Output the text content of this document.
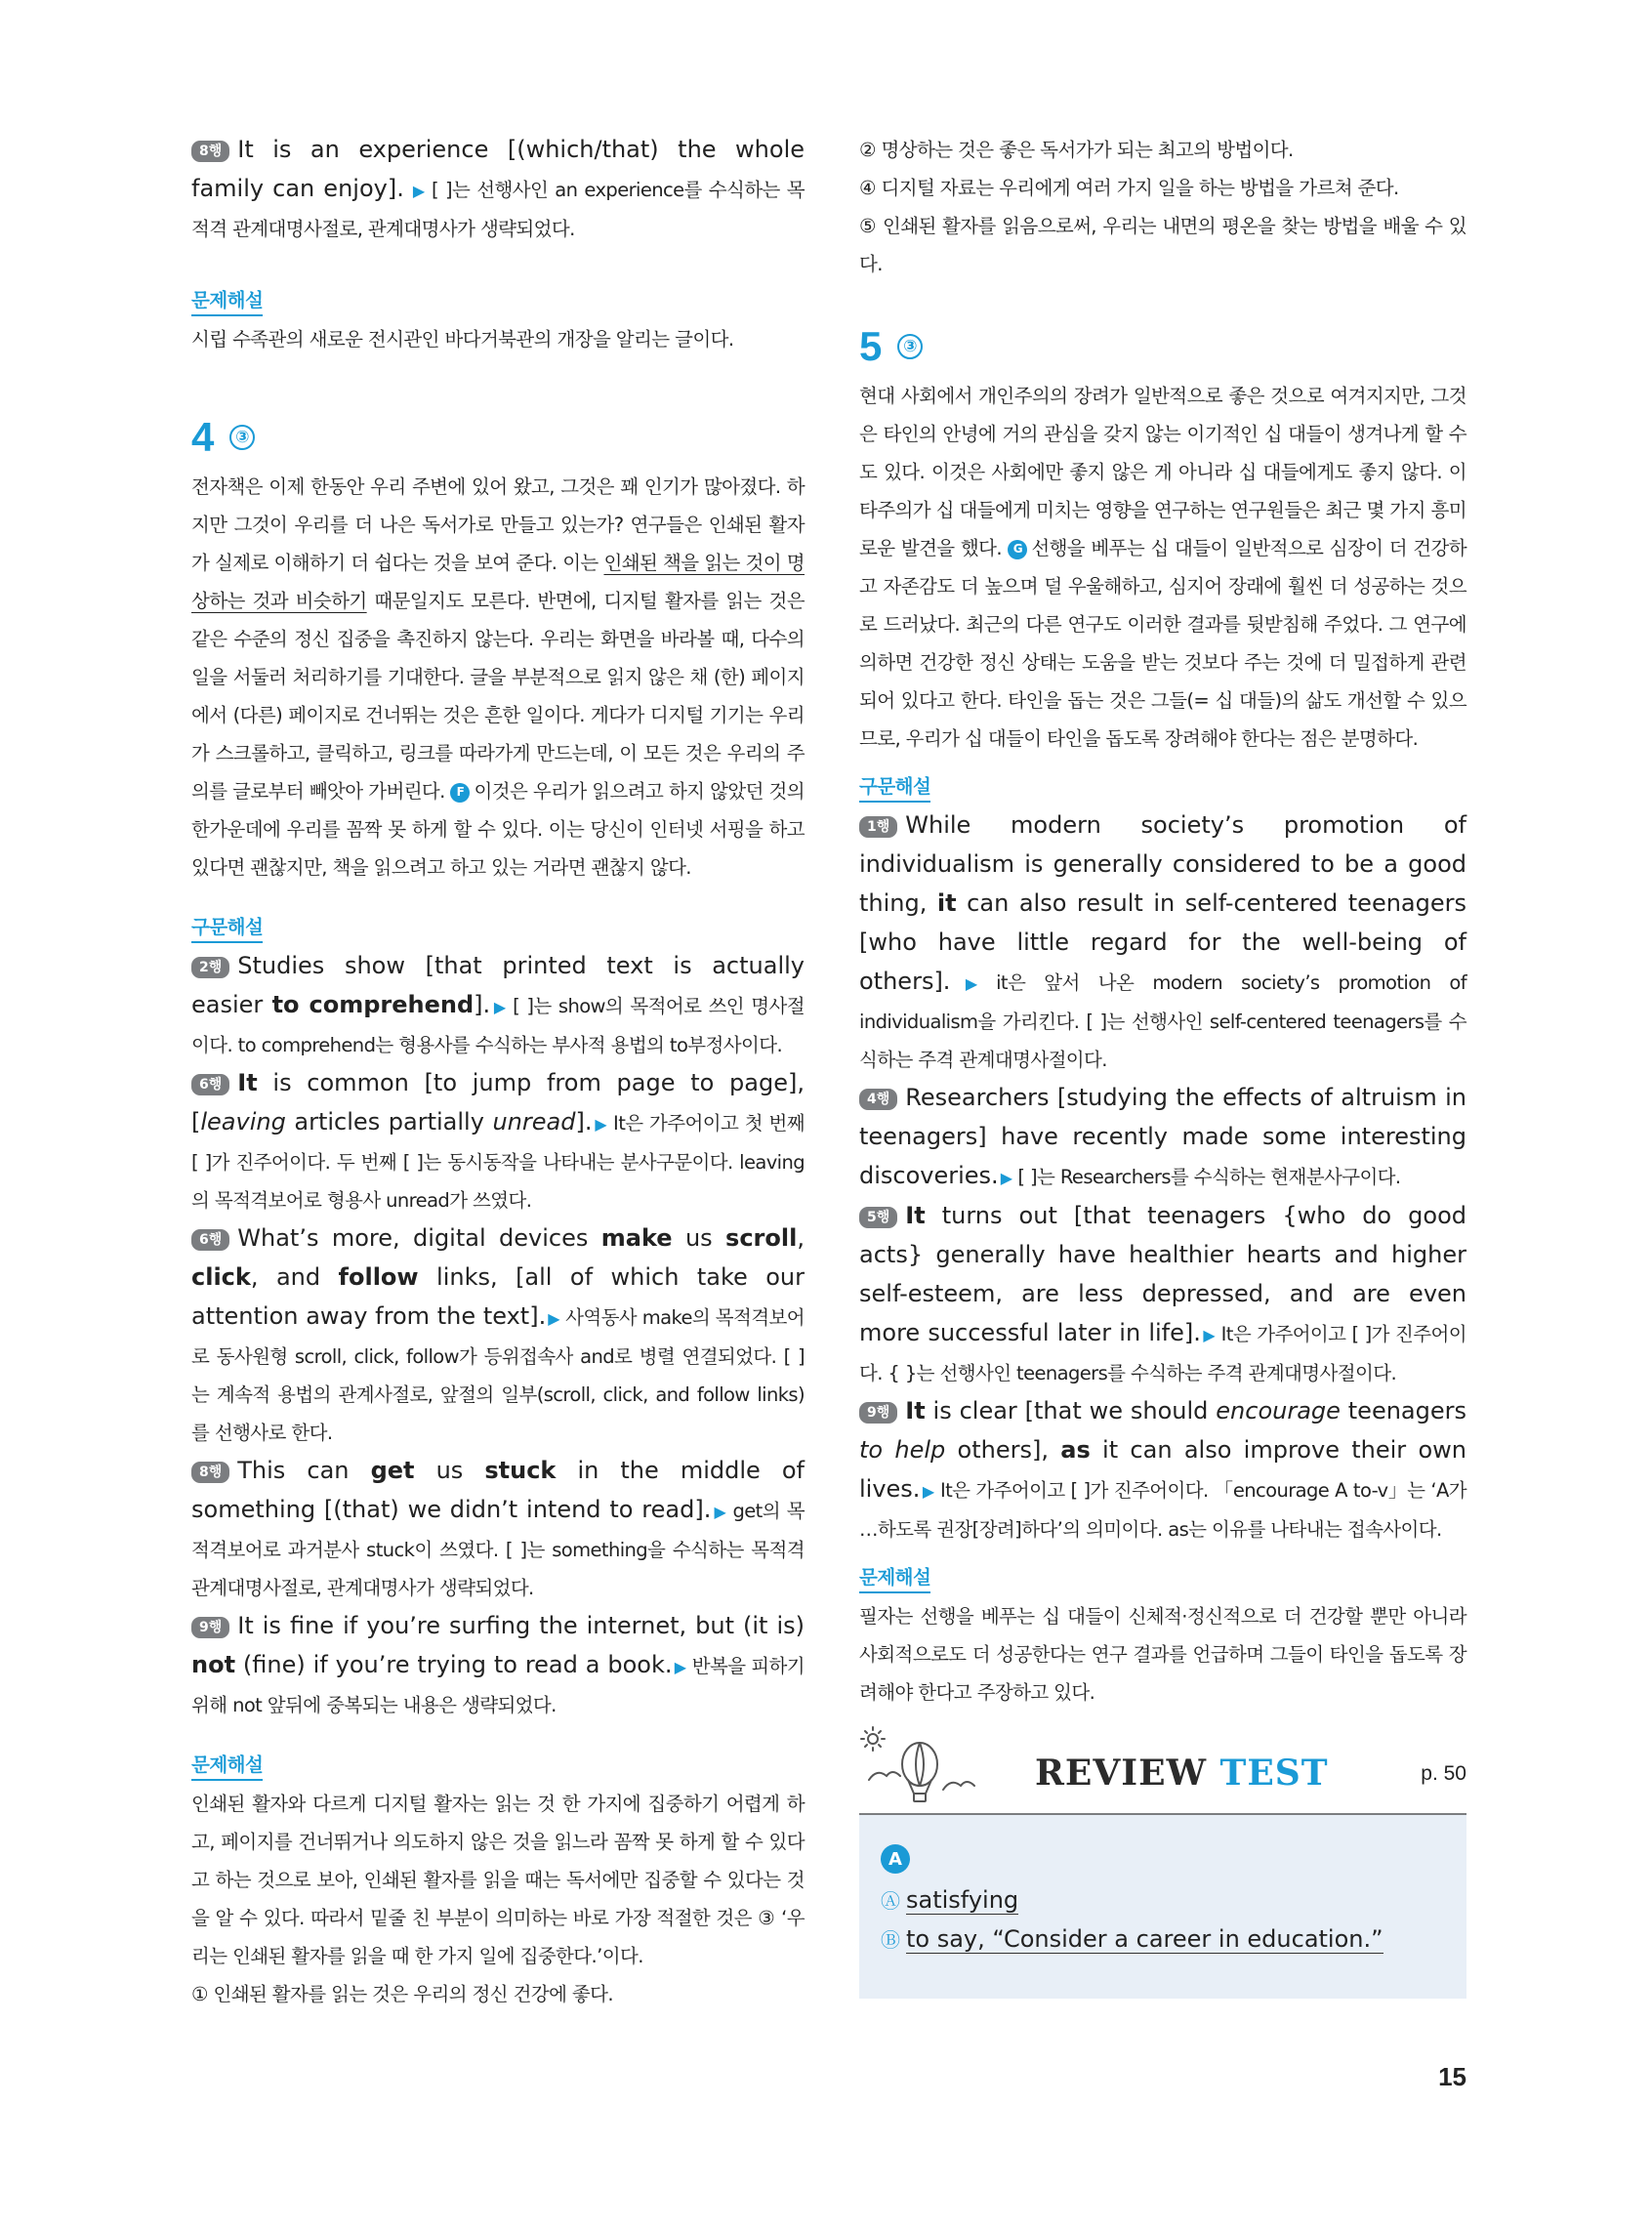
8행 It is an experience [(which/that) the whole family can enjoy]. ▶ [ ]는 선행사인 an experience를 수식하는 목적격 관계대명사절로, 관계대명사가 생략되었다.

문제해설

시립 수족관의 새로운 전시관인 바다거북관의 개장을 알리는 글이다.

4	③

전자책은 이제 한동안 우리 주변에 있어 왔고, 그것은 꽤 인기가 많아졌다. 하지만 그것이 우리를 더 나은 독서가로 만들고 있는가? 연구들은 인쇄된 활자가 실제로 이해하기 더 쉽다는 것을 보여 준다. 이는 인쇄된 책을 읽는 것이 명상하는 것과 비슷하기 때문일지도 모른다. 반면에, 디지털 활자를 읽는 것은 같은 수준의 정신 집중을 촉진하지 않는다. 우리는 화면을 바라볼 때, 다수의 일을 서둘러 처리하기를 기대한다. 글을 부분적으로 읽지 않은 채 (한) 페이지에서 (다른) 페이지로 건너뛰는 것은 흔한 일이다. 게다가 디지털 기기는 우리가 스크롤하고, 클릭하고, 링크를 따라가게 만드는데, 이 모든 것은 우리의 주의를 글로부터 빼앗아 가버린다. F 이것은 우리가 읽으려고 하지 않았던 것의 한가운데에 우리를 꼼짝 못 하게 할 수 있다. 이는 당신이 인터넷 서핑을 하고 있다면 괜찮지만, 책을 읽으려고 하고 있는 거라면 괜찮지 않다.

구문해설

2행 Studies show [that printed text is actually easier to comprehend]. ▶ [ ]는 show의 목적어로 쓰인 명사절이다. to comprehend는 형용사를 수식하는 부사적 용법의 to부정사이다.

6행 It is common [to jump from page to page], [leaving articles partially unread]. ▶ It은 가주어이고 첫 번째 [ ]가 진주어이다. 두 번째 [ ]는 동시동작을 나타내는 분사구문이다. leaving의 목적격보어로 형용사 unread가 쓰였다.

6행 What’s more, digital devices make us scroll, click, and follow links, [all of which take our attention away from the text]. ▶ 사역동사 make의 목적격보어로 동사원형 scroll, click, follow가 등위접속사 and로 병렬 연결되었다. [ ]는 계속적 용법의 관계사절로, 앞절의 일부(scroll, click, and follow links)를 선행사로 한다.

8행 This can get us stuck in the middle of something [(that) we didn’t intend to read]. ▶ get의 목적격보어로 과거분사 stuck이 쓰였다. [ ]는 something을 수식하는 목적격 관계대명사절로, 관계대명사가 생략되었다.

9행 It is fine if you’re surfing the internet, but (it is) not (fine) if you’re trying to read a book. ▶ 반복을 피하기 위해 not 앞뒤에 중복되는 내용은 생략되었다.

문제해설

인쇄된 활자와 다르게 디지털 활자는 읽는 것 한 가지에 집중하기 어렵게 하고, 페이지를 건너뛰거나 의도하지 않은 것을 읽느라 꼼짝 못 하게 할 수 있다고 하는 것으로 보아, 인쇄된 활자를 읽을 때는 독서에만 집중할 수 있다는 것을 알 수 있다. 따라서 밑줄 친 부분이 의미하는 바로 가장 적절한 것은 ③ ‘우리는 인쇄된 활자를 읽을 때 한 가지 일에 집중한다.’이다.

① 인쇄된 활자를 읽는 것은 우리의 정신 건강에 좋다.

② 명상하는 것은 좋은 독서가가 되는 최고의 방법이다.

④ 디지털 자료는 우리에게 여러 가지 일을 하는 방법을 가르쳐 준다.

⑤ 인쇄된 활자를 읽음으로써, 우리는 내면의 평온을 찾는 방법을 배울 수 있다.

5	③

현대 사회에서 개인주의의 장려가 일반적으로 좋은 것으로 여겨지지만, 그것은 타인의 안녕에 거의 관심을 갖지 않는 이기적인 십 대들이 생겨나게 할 수도 있다. 이것은 사회에만 좋지 않은 게 아니라 십 대들에게도 좋지 않다. 이타주의가 십 대들에게 미치는 영향을 연구하는 연구원들은 최근 몇 가지 흥미로운 발견을 했다. G 선행을 베푸는 십 대들이 일반적으로 심장이 더 건강하고 자존감도 더 높으며 덜 우울해하고, 심지어 장래에 훨씬 더 성공하는 것으로 드러났다. 최근의 다른 연구도 이러한 결과를 뒷받침해 주었다. 그 연구에 의하면 건강한 정신 상태는 도움을 받는 것보다 주는 것에 더 밀접하게 관련되어 있다고 한다. 타인을 돕는 것은 그들(= 십 대들)의 삶도 개선할 수 있으므로, 우리가 십 대들이 타인을 돕도록 장려해야 한다는 점은 분명하다.

구문해설

1행 While modern society’s promotion of individualism is generally considered to be a good thing, it can also result in self-centered teenagers [who have little regard for the well-being of others]. ▶ it은 앞서 나온 modern society’s promotion of individualism을 가리킨다. [ ]는 선행사인 self-centered teenagers를 수식하는 주격 관계대명사절이다.

4행 Researchers [studying the effects of altruism in teenagers] have recently made some interesting discoveries. ▶ [ ]는 Researchers를 수식하는 현재분사구이다.

5행 It turns out [that teenagers {who do good acts} generally have healthier hearts and higher self-esteem, are less depressed, and are even more successful later in life]. ▶ It은 가주어이고 [ ]가 진주어이다. { }는 선행사인 teenagers를 수식하는 주격 관계대명사절이다.

9행 It is clear [that we should encourage teenagers to help others], as it can also improve their own lives. ▶ It은 가주어이고 [ ]가 진주어이다. 「encourage A to-v」는 ‘A가 …하도록 권장[장려]하다’의 의미이다. as는 이유를 나타내는 접속사이다.

문제해설

필자는 선행을 베푸는 십 대들이 신체적·정신적으로 더 건강할 뿐만 아니라 사회적으로도 더 성공한다는 연구 결과를 언급하며 그들이 타인을 돕도록 장려해야 한다고 주장하고 있다.

REVIEW TEST	p. 50
A
Ⓐ satisfying
Ⓑ to say, “Consider a career in education.”
15
